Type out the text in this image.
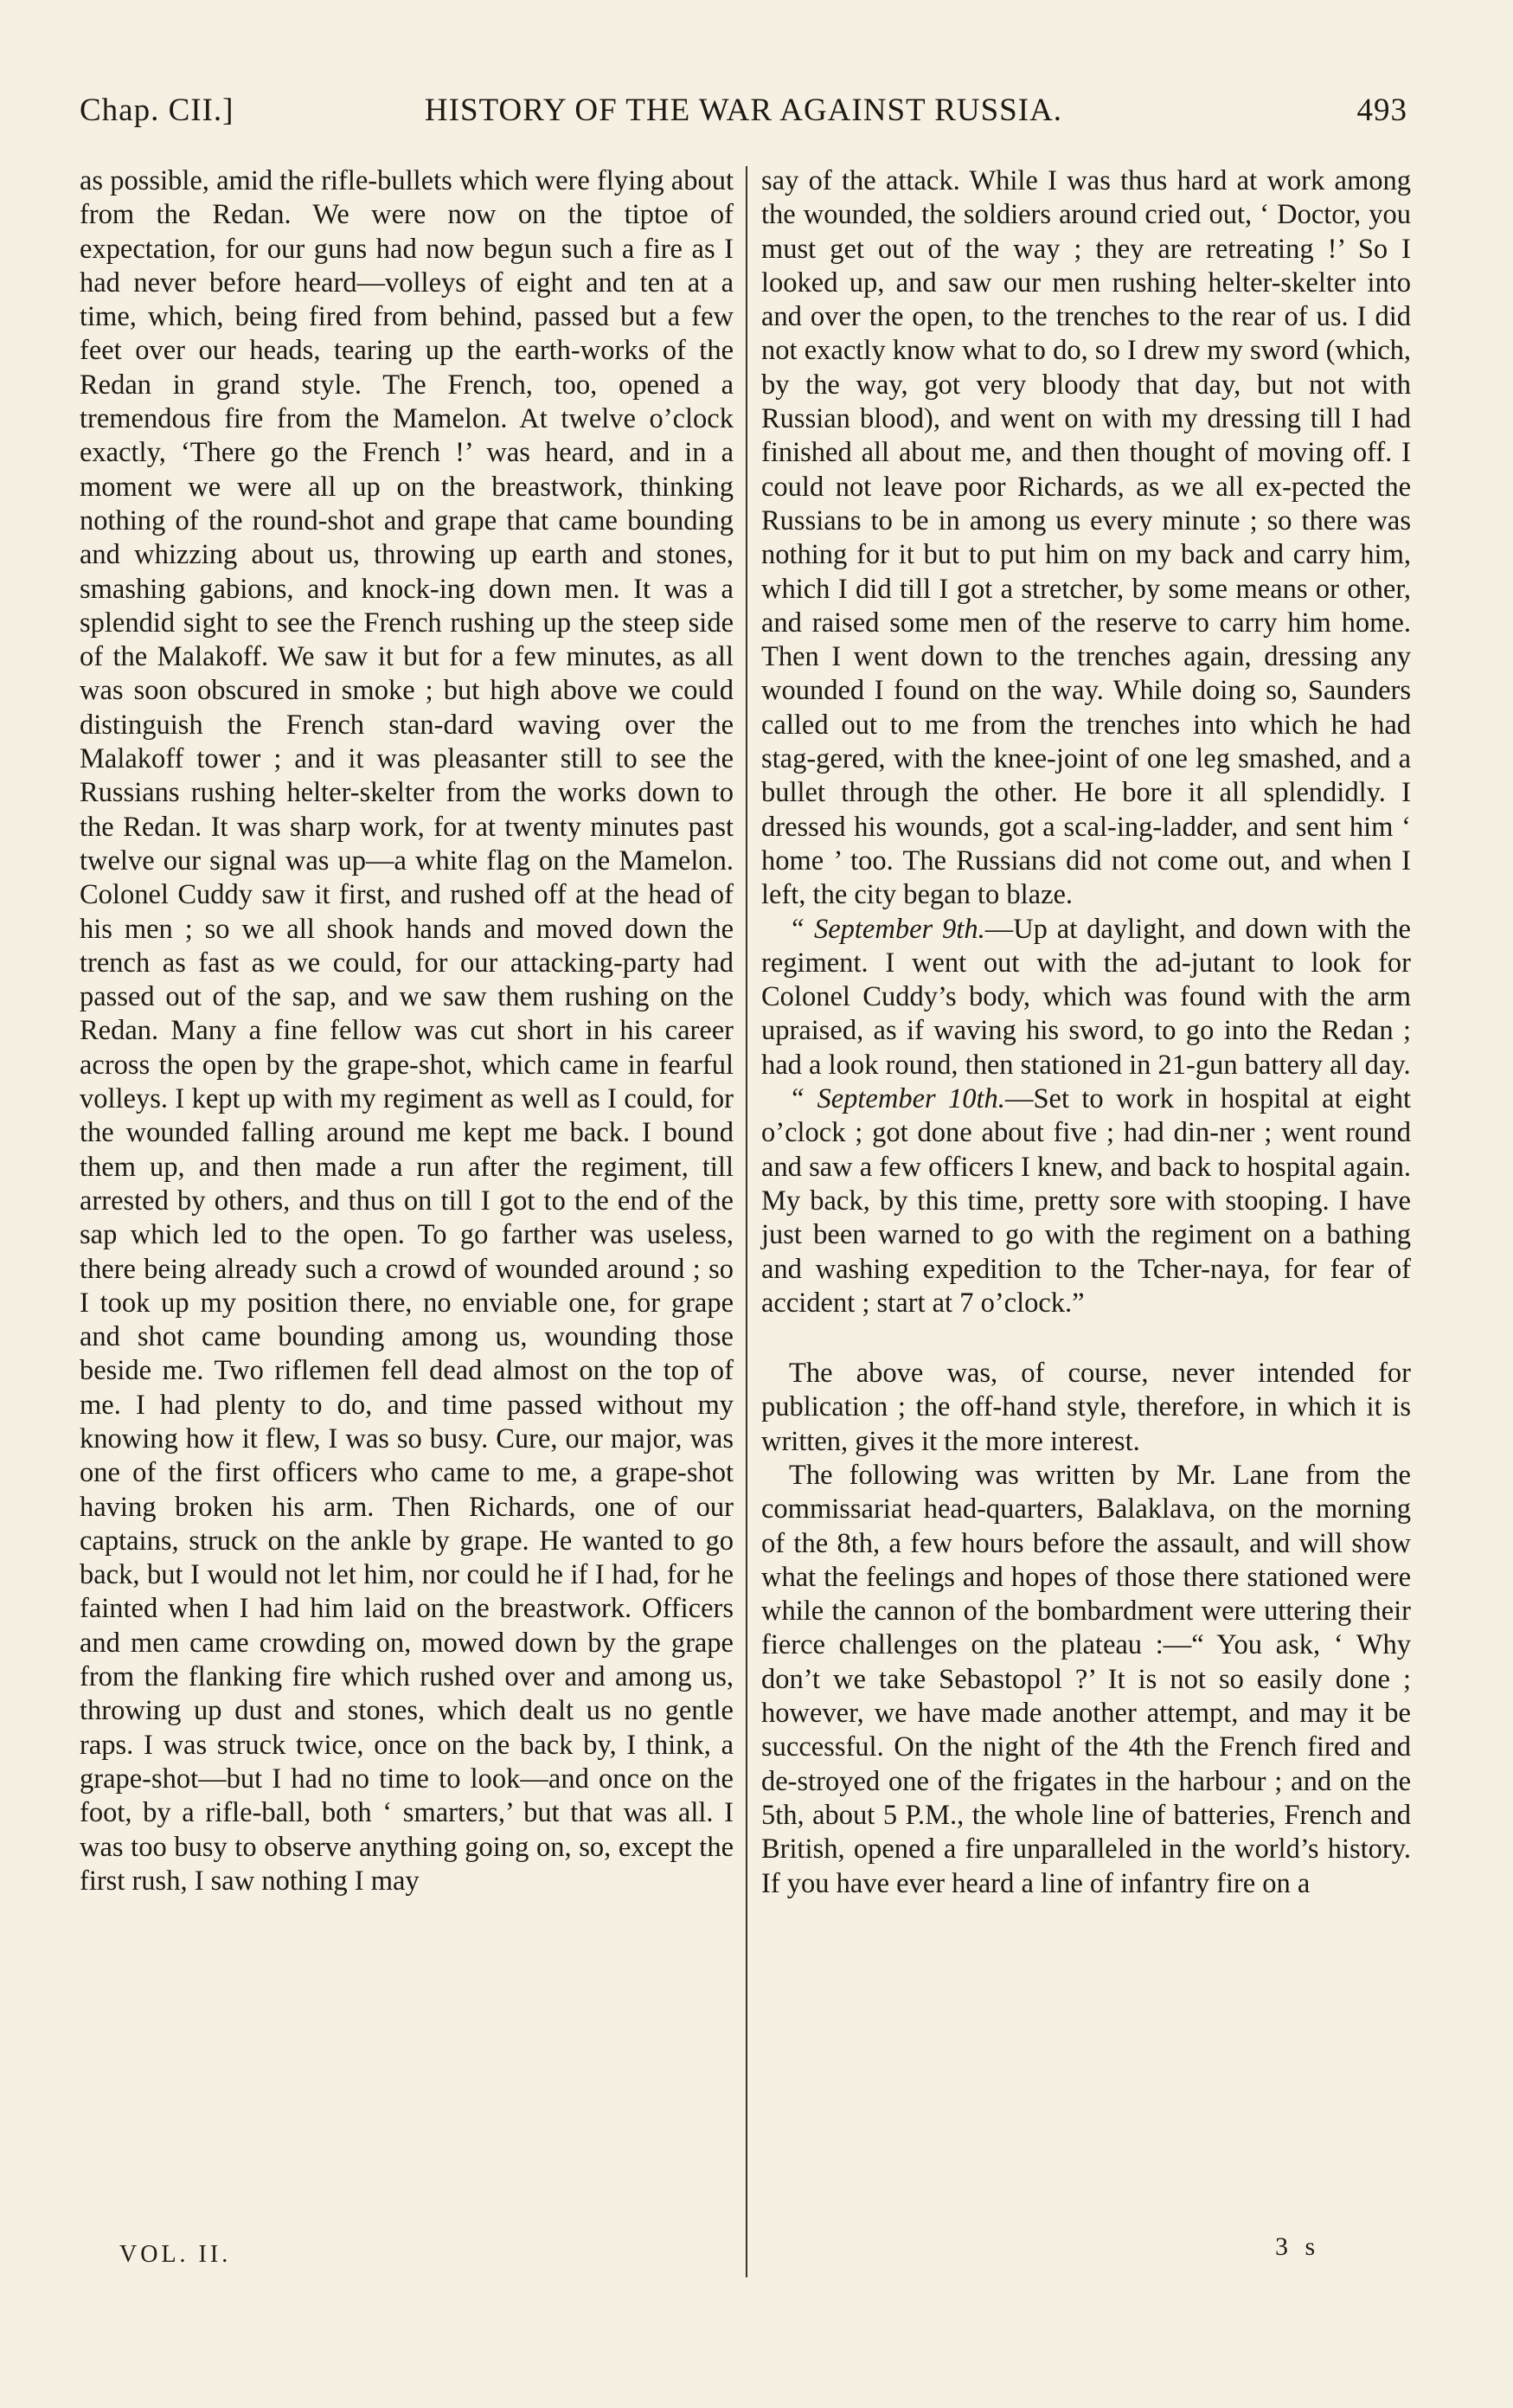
Chap. CII.]	HISTORY OF THE WAR AGAINST RUSSIA.	493

as possible, amid the rifle-bullets which were flying about from the Redan. We were now on the tiptoe of expectation, for our guns had now begun such a fire as I had never before heard—volleys of eight and ten at a time, which, being fired from behind, passed but a few feet over our heads, tearing up the earth-works of the Redan in grand style. The French, too, opened a tremendous fire from the Mamelon. At twelve o’clock exactly, ‘There go the French !’ was heard, and in a moment we were all up on the breastwork, thinking nothing of the round-shot and grape that came bounding and whizzing about us, throwing up earth and stones, smashing gabions, and knock-ing down men. It was a splendid sight to see the French rushing up the steep side of the Malakoff. We saw it but for a few minutes, as all was soon obscured in smoke ; but high above we could distinguish the French stan-dard waving over the Malakoff tower ; and it was pleasanter still to see the Russians rushing helter-skelter from the works down to the Redan. It was sharp work, for at twenty minutes past twelve our signal was up—a white flag on the Mamelon. Colonel Cuddy saw it first, and rushed off at the head of his men ; so we all shook hands and moved down the trench as fast as we could, for our attacking-party had passed out of the sap, and we saw them rushing on the Redan. Many a fine fellow was cut short in his career across the open by the grape-shot, which came in fearful volleys. I kept up with my regiment as well as I could, for the wounded falling around me kept me back. I bound them up, and then made a run after the regiment, till arrested by others, and thus on till I got to the end of the sap which led to the open. To go farther was useless, there being already such a crowd of wounded around ; so I took up my position there, no enviable one, for grape and shot came bounding among us, wounding those beside me. Two riflemen fell dead almost on the top of me. I had plenty to do, and time passed without my knowing how it flew, I was so busy. Cure, our major, was one of the first officers who came to me, a grape-shot having broken his arm. Then Richards, one of our captains, struck on the ankle by grape. He wanted to go back, but I would not let him, nor could he if I had, for he fainted when I had him laid on the breastwork. Officers and men came crowding on, mowed down by the grape from the flanking fire which rushed over and among us, throwing up dust and stones, which dealt us no gentle raps. I was struck twice, once on the back by, I think, a grape-shot—but I had no time to look—and once on the foot, by a rifle-ball, both ‘ smarters,’ but that was all. I was too busy to observe anything going on, so, except the first rush, I saw nothing I may

say of the attack. While I was thus hard at work among the wounded, the soldiers around cried out, ‘ Doctor, you must get out of the way ; they are retreating !’ So I looked up, and saw our men rushing helter-skelter into and over the open, to the trenches to the rear of us. I did not exactly know what to do, so I drew my sword (which, by the way, got very bloody that day, but not with Russian blood), and went on with my dressing till I had finished all about me, and then thought of moving off. I could not leave poor Richards, as we all ex-pected the Russians to be in among us every minute ; so there was nothing for it but to put him on my back and carry him, which I did till I got a stretcher, by some means or other, and raised some men of the reserve to carry him home. Then I went down to the trenches again, dressing any wounded I found on the way. While doing so, Saunders called out to me from the trenches into which he had stag-gered, with the knee-joint of one leg smashed, and a bullet through the other. He bore it all splendidly. I dressed his wounds, got a scal-ing-ladder, and sent him ‘ home ’ too. The Russians did not come out, and when I left, the city began to blaze.

“ September 9th.—Up at daylight, and down with the regiment. I went out with the ad-jutant to look for Colonel Cuddy’s body, which was found with the arm upraised, as if waving his sword, to go into the Redan ; had a look round, then stationed in 21-gun battery all day.

“ September 10th.—Set to work in hospital at eight o’clock ; got done about five ; had din-ner ; went round and saw a few officers I knew, and back to hospital again. My back, by this time, pretty sore with stooping. I have just been warned to go with the regiment on a bathing and washing expedition to the Tcher-naya, for fear of accident ; start at 7 o’clock.”

The above was, of course, never intended for publication ; the off-hand style, therefore, in which it is written, gives it the more interest.

The following was written by Mr. Lane from the commissariat head-quarters, Balaklava, on the morning of the 8th, a few hours before the assault, and will show what the feelings and hopes of those there stationed were while the cannon of the bombardment were uttering their fierce challenges on the plateau :—“ You ask, ‘ Why don’t we take Sebastopol ?’ It is not so easily done ; however, we have made another attempt, and may it be successful. On the night of the 4th the French fired and de-stroyed one of the frigates in the harbour ; and on the 5th, about 5 P.M., the whole line of batteries, French and British, opened a fire unparalleled in the world’s history. If you have ever heard a line of infantry fire on a

VOL. II.	3 s
